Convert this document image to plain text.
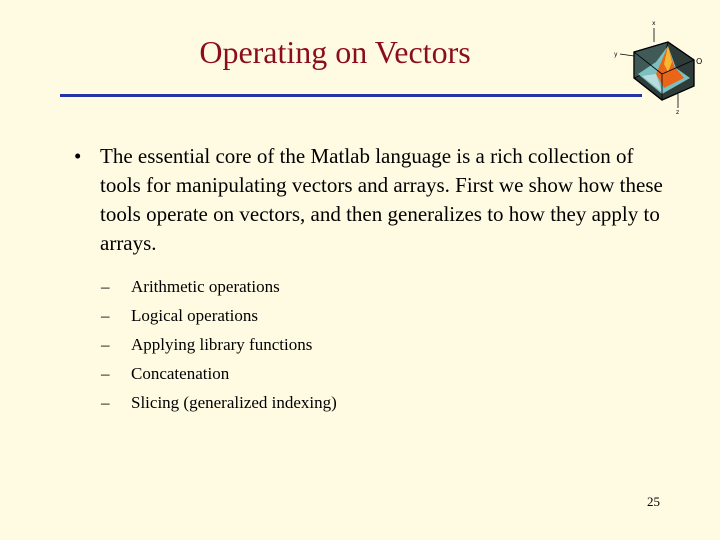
Operating on Vectors
x
y
O
z
• The essential core of the Matlab language is a rich collection of tools for manipulating vectors and arrays. First we show how these tools operate on vectors, and then generalizes to how they apply to arrays.
– Arithmetic operations
– Logical operations
– Applying library functions
– Concatenation
– Slicing (generalized indexing)
25
